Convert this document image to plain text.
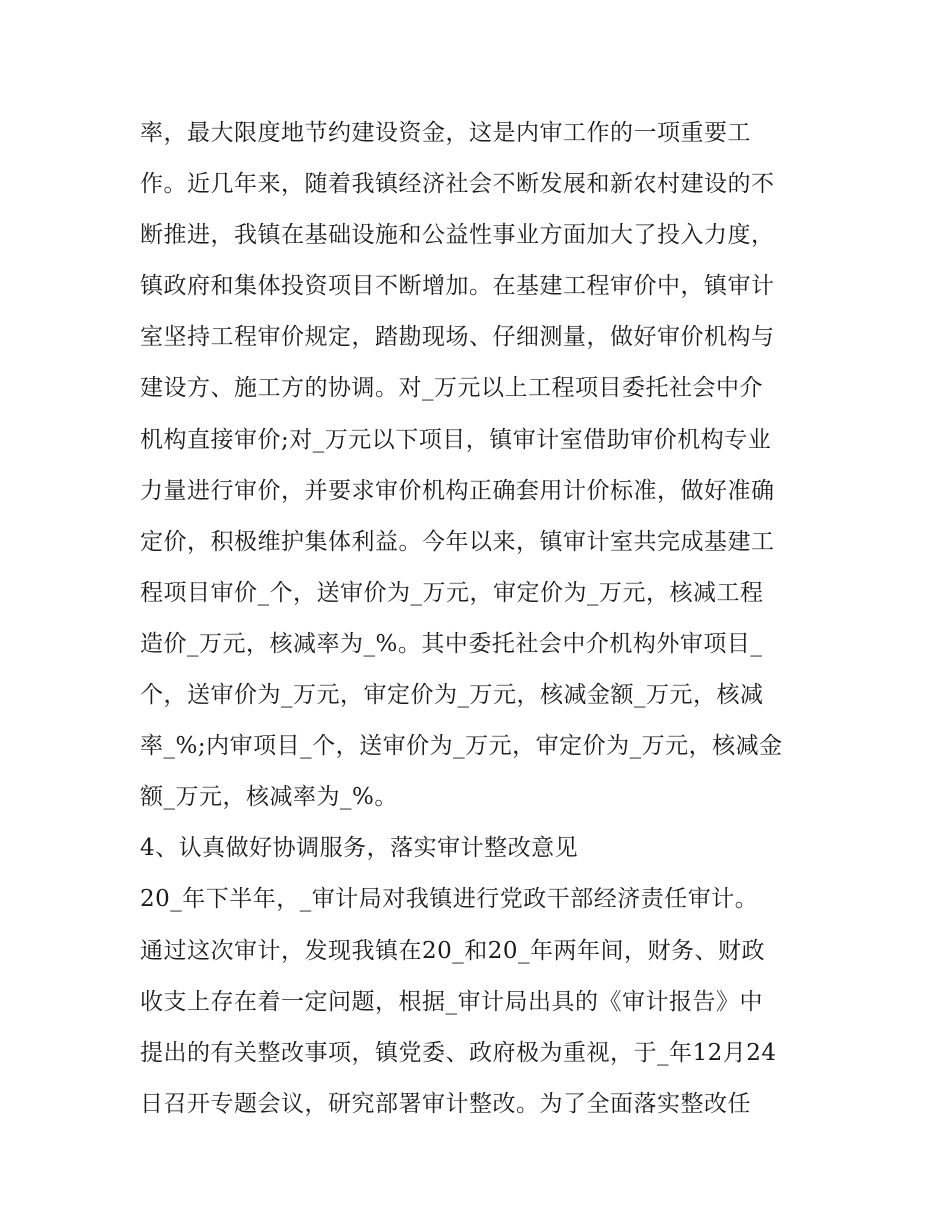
率，最大限度地节约建设资金，这是内审工作的一项重要工
作。近几年来，随着我镇经济社会不断发展和新农村建设的不
断推进，我镇在基础设施和公益性事业方面加大了投入力度，
镇政府和集体投资项目不断增加。在基建工程审价中，镇审计
室坚持工程审价规定，踏勘现场、仔细测量，做好审价机构与
建设方、施工方的协调。对_万元以上工程项目委托社会中介
机构直接审价;对_万元以下项目，镇审计室借助审价机构专业
力量进行审价，并要求审价机构正确套用计价标准，做好准确
定价，积极维护集体利益。今年以来，镇审计室共完成基建工
程项目审价_个，送审价为_万元，审定价为_万元，核减工程
造价_万元，核减率为_%。其中委托社会中介机构外审项目_
个，送审价为_万元，审定价为_万元，核减金额_万元，核减
率_%;内审项目_个，送审价为_万元，审定价为_万元，核减金
额_万元，核减率为_%。
4、认真做好协调服务，落实审计整改意见
20_年下半年，_审计局对我镇进行党政干部经济责任审计。
通过这次审计，发现我镇在20_和20_年两年间，财务、财政
收支上存在着一定问题，根据_审计局出具的《审计报告》中
提出的有关整改事项，镇党委、政府极为重视，于_年12月24
日召开专题会议，研究部署审计整改。为了全面落实整改任
